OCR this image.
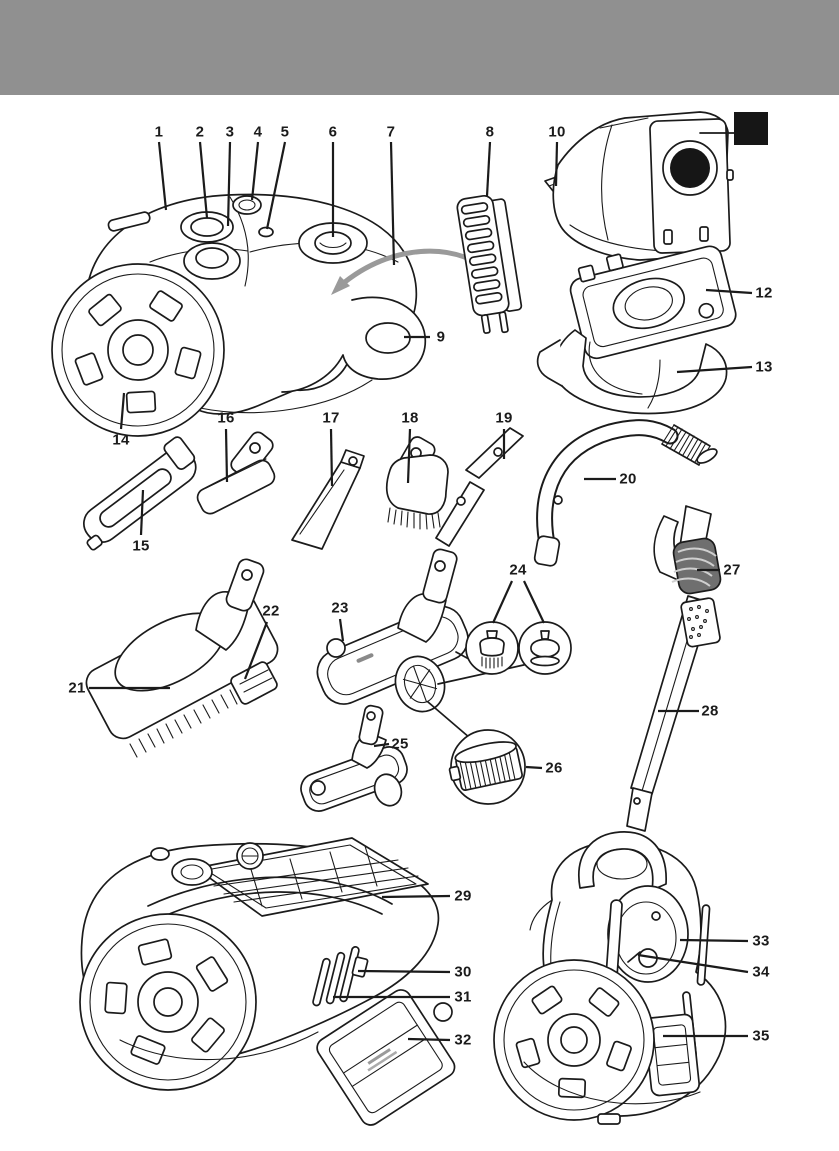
1 2 3 4 5	6	7	8	10
9
12
13
14
15
16	17	18	19
20
21
22	23
24
25
26
27
28
29
30
31
32
33
34
35
